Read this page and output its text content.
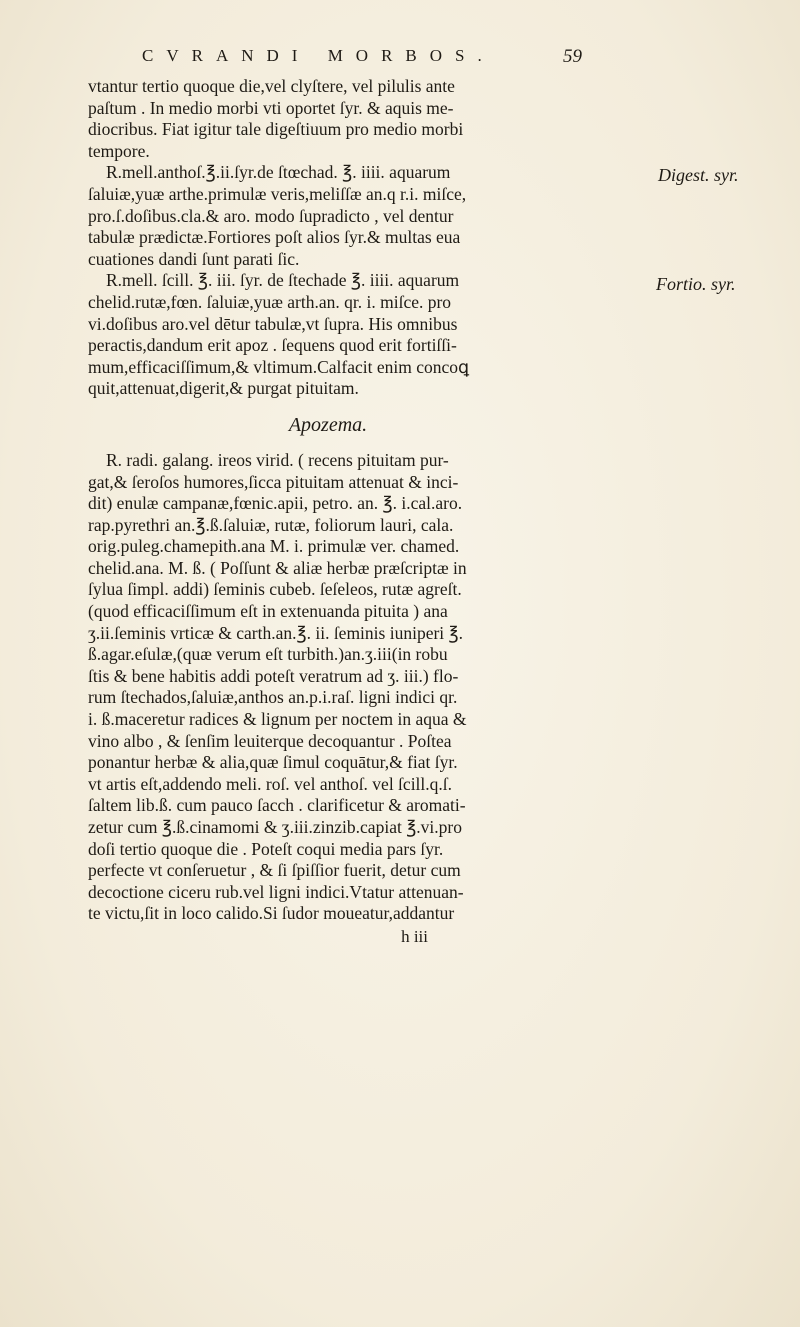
CVRANDI MORBOS.	59
Digest. syr.
Fortio. syr.
vtantur tertio quoque die,vel clyſtere, vel pilulis ante
paſtum . In medio morbi vti oportet ſyr. & aquis me-
diocribus. Fiat igitur tale digeſtiuum pro medio morbi
tempore.
R.mell.anthoſ.℥.ii.ſyr.de ſtœchad. ℥. iiii. aquarum
ſaluiæ,yuæ arthe.primulæ veris,meliſſæ an.q r.i. miſce,
pro.ſ.doſibus.cla.& aro. modo ſupradicto , vel dentur
tabulæ prædictæ.Fortiores poſt alios ſyr.& multas eua
cuationes dandi ſunt parati ſic.
R.mell. ſcill. ℥. iii. ſyr. de ſtechade ℥. iiii. aquarum
chelid.rutæ,fœn. ſaluiæ,yuæ arth.an. qr. i. miſce. pro
vi.doſibus aro.vel dētur tabulæ,vt ſupra. His omnibus
peractis,dandum erit apoz . ſequens quod erit fortiſſi-
mum,efficaciſſimum,& vltimum.Calfacit enim concoꝗ
quit,attenuat,digerit,& purgat pituitam.
Apozema.
R. radi. galang. ireos virid. ( recens pituitam pur-
gat,& ſeroſos humores,ſicca pituitam attenuat & inci-
dit) enulæ campanæ,fœnic.apii, petro. an. ℥. i.cal.aro.
rap.pyrethri an.℥.ß.ſaluiæ, rutæ, foliorum lauri, cala.
orig.puleg.chamepith.ana M. i. primulæ ver. chamed.
chelid.ana. M. ß. ( Poſſunt & aliæ herbæ præſcriptæ in
ſylua ſimpl. addi) ſeminis cubeb. ſeſeleos, rutæ agreſt.
(quod efficaciſſimum eſt in extenuanda pituita ) ana
ʒ.ii.ſeminis vrticæ & carth.an.℥. ii. ſeminis iuniperi ℥.
ß.agar.eſulæ,(quæ verum eſt turbith.)an.ʒ.iii(in robu
ſtis & bene habitis addi poteſt veratrum ad ʒ. iii.) flo-
rum ſtechados,ſaluiæ,anthos an.p.i.raſ. ligni indici qr.
i. ß.maceretur radices & lignum per noctem in aqua &
vino albo , & ſenſim leuiterque decoquantur . Poſtea
ponantur herbæ & alia,quæ ſimul coquātur,& fiat ſyr.
vt artis eſt,addendo meli. roſ. vel anthoſ. vel ſcill.q.ſ.
ſaltem lib.ß. cum pauco ſacch . clarificetur & aromati-
zetur cum ℥.ß.cinamomi & ʒ.iii.zinzib.capiat ℥.vi.pro
doſi tertio quoque die . Poteſt coqui media pars ſyr.
perfecte vt conſeruetur , & ſi ſpiſſior fuerit, detur cum
decoctione ciceru rub.vel ligni indici.Vtatur attenuan-
te victu,ſit in loco calido.Si ſudor moueatur,addantur
h iii
